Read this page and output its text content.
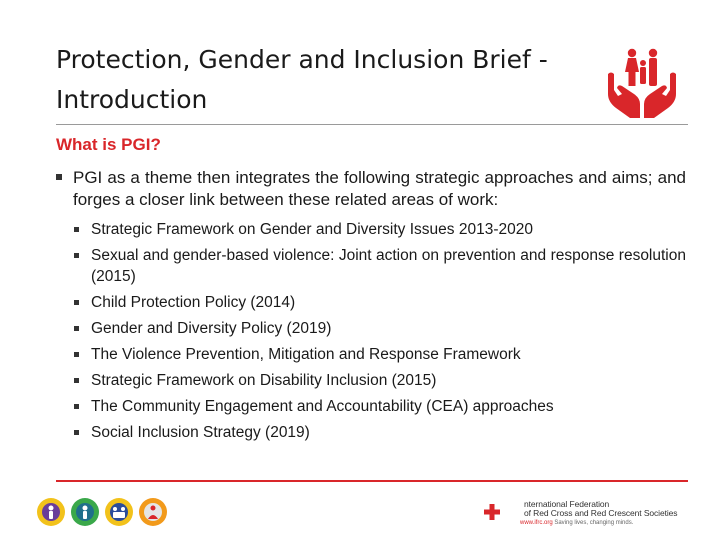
Protection, Gender and Inclusion Brief -
Introduction
What is PGI?
PGI as a theme then integrates the following strategic approaches and aims; and forges a closer link between these related areas of work:
Strategic Framework on Gender and Diversity Issues 2013-2020
Sexual and gender-based violence: Joint action on prevention and response resolution (2015)
Child Protection Policy (2014)
Gender and Diversity Policy (2019)
The Violence Prevention, Mitigation and Response Framework
Strategic Framework on Disability Inclusion (2015)
The Community Engagement and Accountability (CEA) approaches
Social Inclusion Strategy (2019)
nternational Federation
of Red Cross and Red Crescent Societies
www.ifrc.org Saving lives, changing minds.
